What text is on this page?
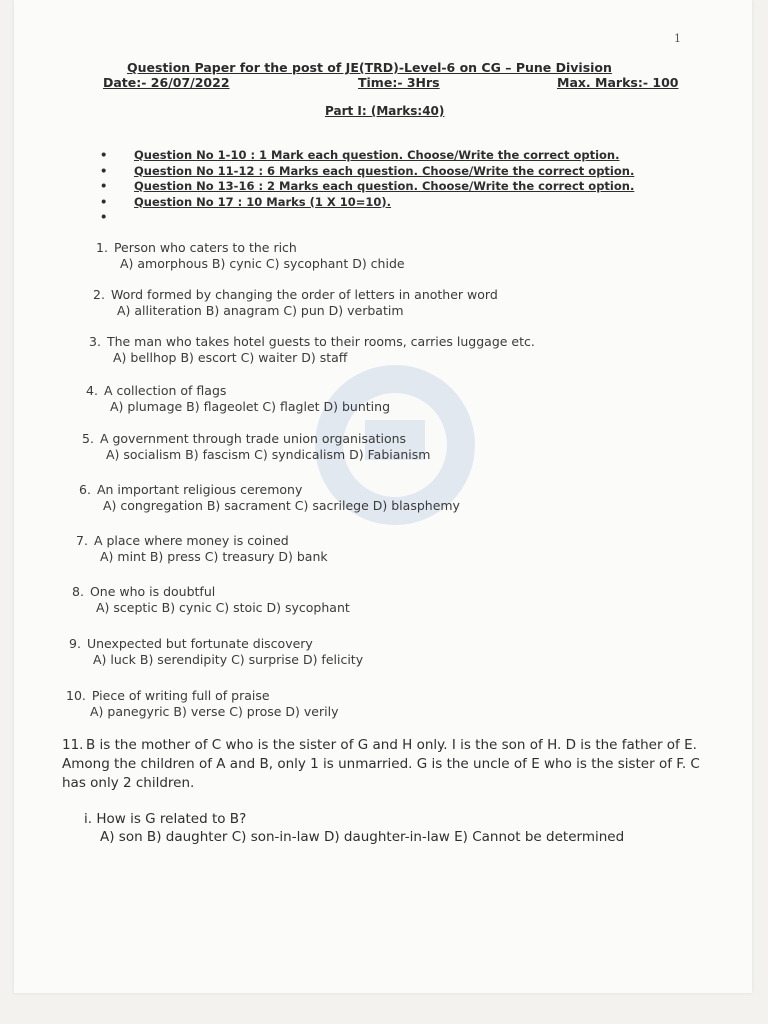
1
Question Paper for the post of JE(TRD)-Level-6 on CG – Pune Division
Date:- 26/07/2022	Time:- 3Hrs	Max. Marks:- 100
Part I: (Marks:40)
• Question No 1-10 : 1 Mark each question. Choose/Write the correct option.
• Question No 11-12 : 6 Marks each question. Choose/Write the correct option.
• Question No 13-16 : 2 Marks each question. Choose/Write the correct option.
• Question No 17 : 10 Marks (1 X 10=10).
•
1. Person who caters to the rich
A) amorphous B) cynic C) sycophant D) chide
2. Word formed by changing the order of letters in another word
A) alliteration B) anagram C) pun D) verbatim
3. The man who takes hotel guests to their rooms, carries luggage etc.
A) bellhop B) escort C) waiter D) staff
4. A collection of flags
A) plumage B) flageolet C) flaglet D) bunting
5. A government through trade union organisations
A) socialism B) fascism C) syndicalism D) Fabianism
6. An important religious ceremony
A) congregation B) sacrament C) sacrilege D) blasphemy
7. A place where money is coined
A) mint B) press C) treasury D) bank
8. One who is doubtful
A) sceptic B) cynic C) stoic D) sycophant
9. Unexpected but fortunate discovery
A) luck B) serendipity C) surprise D) felicity
10. Piece of writing full of praise
A) panegyric B) verse C) prose D) verily
11. B is the mother of C who is the sister of G and H only. I is the son of H. D is the father of E. Among the children of A and B, only 1 is unmarried. G is the uncle of E who is the sister of F. C has only 2 children.
i. How is G related to B?
A) son B) daughter C) son-in-law D) daughter-in-law E) Cannot be determined
